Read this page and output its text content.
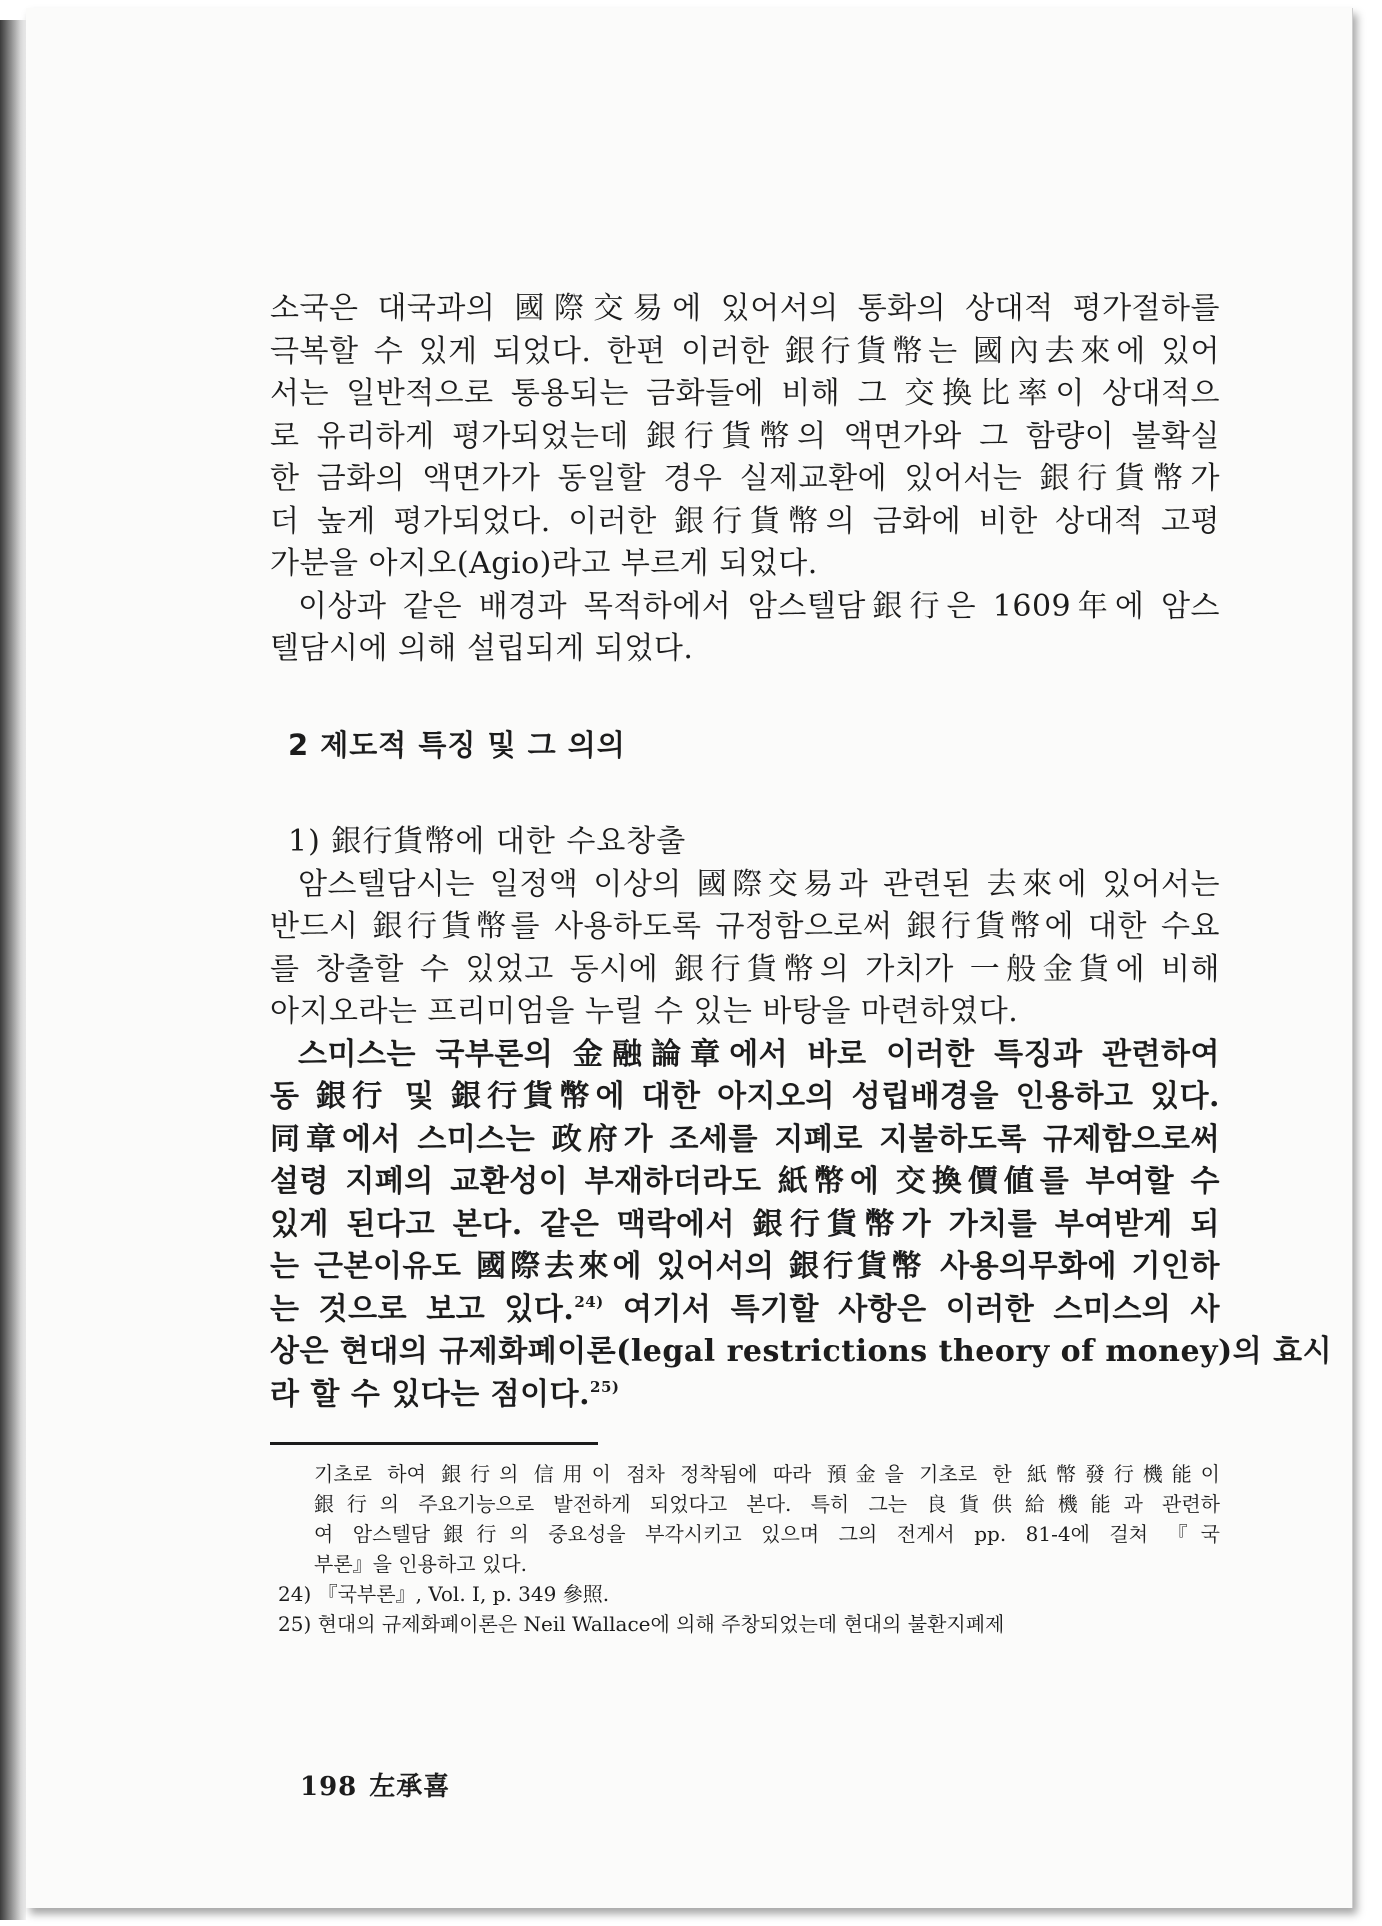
소국은 대국과의 國際交易에 있어서의 통화의 상대적 평가절하를
극복할 수 있게 되었다. 한편 이러한 銀行貨幣는 國內去來에 있어
서는 일반적으로 통용되는 금화들에 비해 그 交換比率이 상대적으
로 유리하게 평가되었는데 銀行貨幣의 액면가와 그 함량이 불확실
한 금화의 액면가가 동일할 경우 실제교환에 있어서는 銀行貨幣가
더 높게 평가되었다. 이러한 銀行貨幣의 금화에 비한 상대적 고평
가분을 아지오(Agio)라고 부르게 되었다.
이상과 같은 배경과 목적하에서 암스텔담銀行은 1609年에 암스
텔담시에 의해 설립되게 되었다.
2 제도적 특징 및 그 의의
1) 銀行貨幣에 대한 수요창출
암스텔담시는 일정액 이상의 國際交易과 관련된 去來에 있어서는
반드시 銀行貨幣를 사용하도록 규정함으로써 銀行貨幣에 대한 수요
를 창출할 수 있었고 동시에 銀行貨幣의 가치가 一般金貨에 비해
아지오라는 프리미엄을 누릴 수 있는 바탕을 마련하였다.
스미스는 국부론의 金融論章에서 바로 이러한 특징과 관련하여
동 銀行 및 銀行貨幣에 대한 아지오의 성립배경을 인용하고 있다.
同章에서 스미스는 政府가 조세를 지폐로 지불하도록 규제함으로써
설령 지폐의 교환성이 부재하더라도 紙幣에 交換價値를 부여할 수
있게 된다고 본다. 같은 맥락에서 銀行貨幣가 가치를 부여받게 되
는 근본이유도 國際去來에 있어서의 銀行貨幣 사용의무화에 기인하
는 것으로 보고 있다.$^{24)}$ 여기서 특기할 사항은 이러한 스미스의 사
상은 현대의 규제화폐이론(legal restrictions theory of money)의 효시
라 할 수 있다는 점이다.$^{25)}$
기초로 하여 銀行의 信用이 점차 정착됨에 따라 預金을 기초로 한 紙幣發行機能이
銀行의 주요기능으로 발전하게 되었다고 본다. 특히 그는 良貨供給機能과 관련하
여 암스텔담銀行의 중요성을 부각시키고 있으며 그의 전게서 pp. 81-4에 걸쳐 『국
부론』을 인용하고 있다.
24) 『국부론』, Vol. I, p. 349 參照.
25) 현대의 규제화폐이론은 Neil Wallace에 의해 주창되었는데 현대의 불환지폐제
198 左承喜
